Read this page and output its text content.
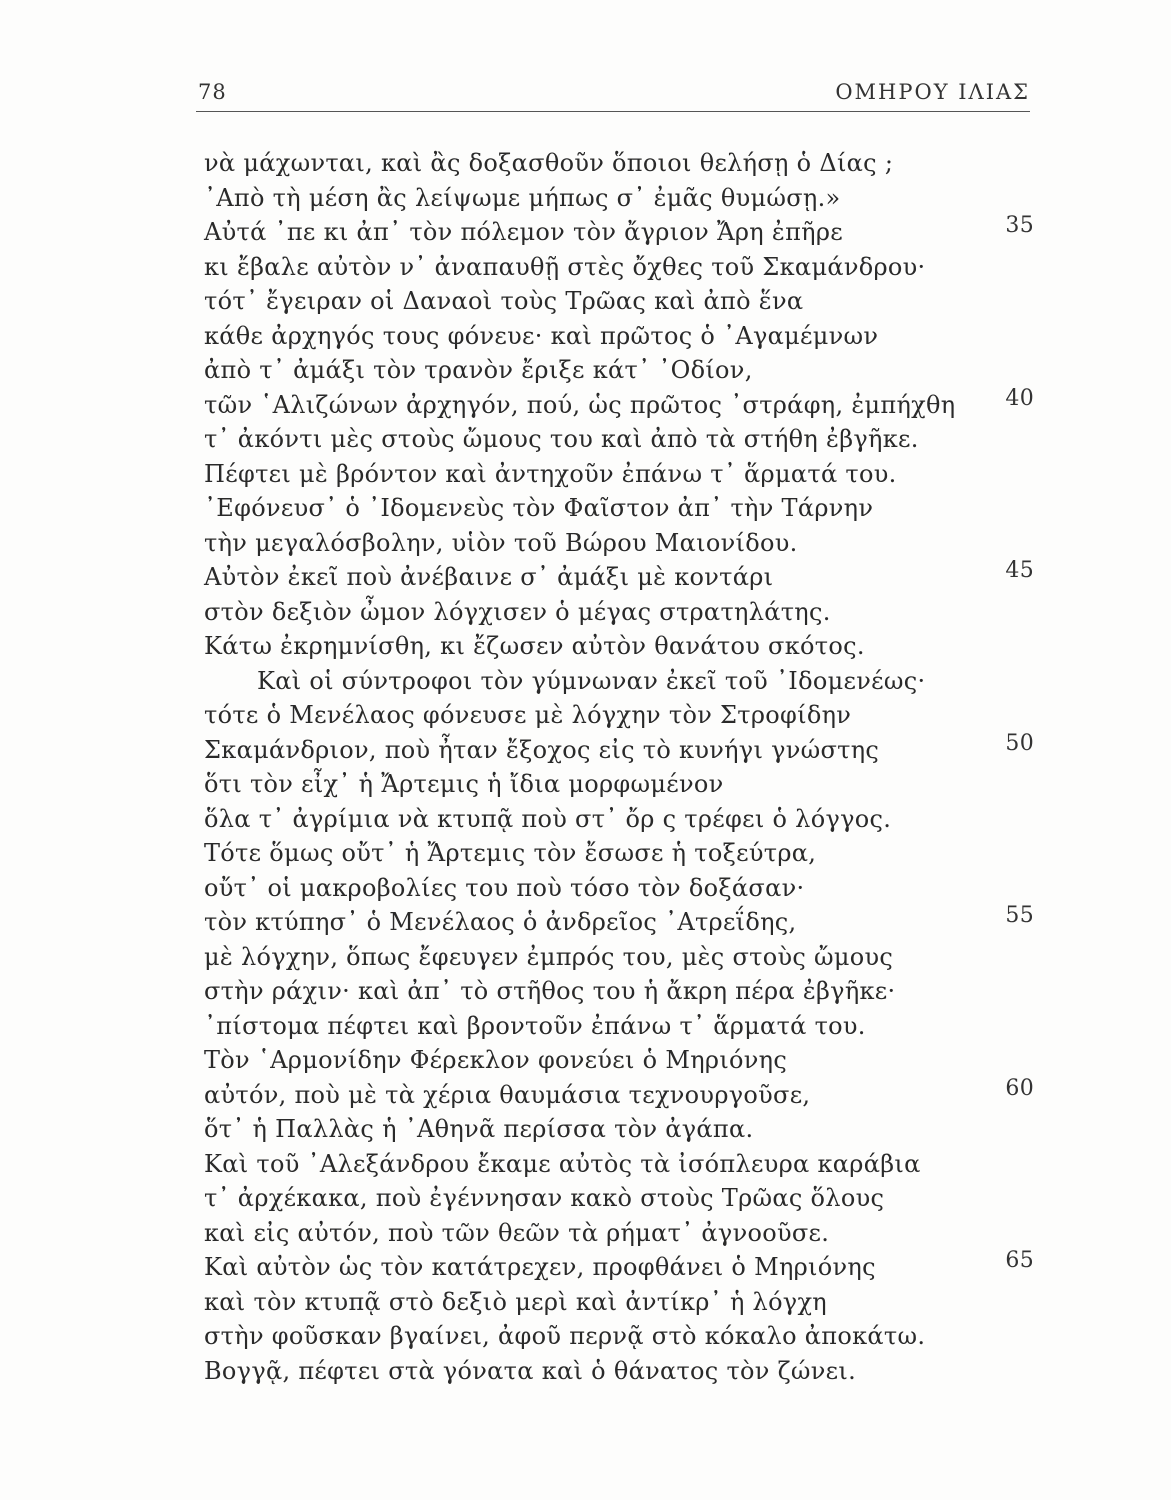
78	ΟΜΗΡΟΥ ΙΛΙΑΣ
νὰ μάχωνται, καὶ ἂς δοξασθοῦν ὅποιοι θελήσῃ ὁ Δίας ;
᾿Απὸ τὴ μέση ἂς λείψωμε μήπως σ᾿ ἐμᾶς θυμώσῃ.»
Αὐτά ᾿πε κι ἀπ᾿ τὸν πόλεμον τὸν ἄγριον Ἄρη ἐπῆρε	35
κι ἔβαλε αὐτὸν ν᾿ ἀναπαυθῇ στὲς ὄχθες τοῦ Σκαμάνδρου·
τότ᾿ ἔγειραν οἱ Δαναοὶ τοὺς Τρῶας καὶ ἀπὸ ἕνα
κάθε ἀρχηγός τους φόνευε· καὶ πρῶτος ὁ ᾿Αγαμέμνων
ἀπὸ τ᾿ ἀμάξι τὸν τρανὸν ἔριξε κάτ᾿ ᾿Οδίον,
τῶν ῾Αλιζώνων ἀρχηγόν, πού, ὡς πρῶτος ᾿στράφη, ἐμπήχθη 40
τ᾿ ἀκόντι μὲς στοὺς ὤμους του καὶ ἀπὸ τὰ στήθη ἐβγῆκε.
Πέφτει μὲ βρόντον καὶ ἀντηχοῦν ἐπάνω τ᾿ ἅρματά του.
᾿Εφόνευσ᾿ ὁ ᾿Ιδομενεὺς τὸν Φαῖστον ἀπ᾿ τὴν Τάρνην
τὴν μεγαλόσβολην, υἱὸν τοῦ Βώρου Μαιονίδου.
Αὐτὸν ἐκεῖ ποὺ ἀνέβαινε σ᾿ ἀμάξι μὲ κοντάρι	45
στὸν δεξιὸν ὦμον λόγχισεν ὁ μέγας στρατηλάτης.
Κάτω ἐκρημνίσθη, κι ἔζωσεν αὐτὸν θανάτου σκότος.
Καὶ οἱ σύντροφοι τὸν γύμνωναν ἐκεῖ τοῦ ᾿Ιδομενέως·
τότε ὁ Μενέλαος φόνευσε μὲ λόγχην τὸν Στροφίδην
Σκαμάνδριον, ποὺ ἦταν ἔξοχος εἰς τὸ κυνήγι γνώστης	50
ὅτι τὸν εἶχ᾿ ἡ Ἄρτεμις ἡ ἴδια μορφωμένον
ὅλα τ᾿ ἀγρίμια νὰ κτυπᾷ ποὺ στ᾿ ὄρ ς τρέφει ὁ λόγγος.
Τότε ὅμως οὔτ᾿ ἡ Ἄρτεμις τὸν ἔσωσε ἡ τοξεύτρα,
οὔτ᾿ οἱ μακροβολίες του ποὺ τόσο τὸν δοξάσαν·
τὸν κτύπησ᾿ ὁ Μενέλαος ὁ ἀνδρεῖος ᾿Ατρεΐδης,	55
μὲ λόγχην, ὅπως ἔφευγεν ἐμπρός του, μὲς στοὺς ὤμους
στὴν ράχιν· καὶ ἀπ᾿ τὸ στῆθος του ἡ ἄκρη πέρα ἐβγῆκε·
᾿πίστομα πέφτει καὶ βροντοῦν ἐπάνω τ᾿ ἅρματά του.
Τὸν ῾Αρμονίδην Φέρεκλον φονεύει ὁ Μηριόνης
αὐτόν, ποὺ μὲ τὰ χέρια θαυμάσια τεχνουργοῦσε,	60
ὅτ᾿ ἡ Παλλὰς ἡ ᾿Αθηνᾶ περίσσα τὸν ἀγάπα.
Καὶ τοῦ ᾿Αλεξάνδρου ἔκαμε αὐτὸς τὰ ἰσόπλευρα καράβια
τ᾿ ἀρχέκακα, ποὺ ἐγέννησαν κακὸ στοὺς Τρῶας ὅλους
καὶ εἰς αὐτόν, ποὺ τῶν θεῶν τὰ ρήματ᾿ ἀγνοοῦσε.
Καὶ αὐτὸν ὡς τὸν κατάτρεχεν, προφθάνει ὁ Μηριόνης	65
καὶ τὸν κτυπᾷ στὸ δεξιὸ μερὶ καὶ ἀντίκρ᾿ ἡ λόγχη
στὴν φοῦσκαν βγαίνει, ἀφοῦ περνᾷ στὸ κόκαλο ἀποκάτω.
Βογγᾷ, πέφτει στὰ γόνατα καὶ ὁ θάνατος τὸν ζώνει.
